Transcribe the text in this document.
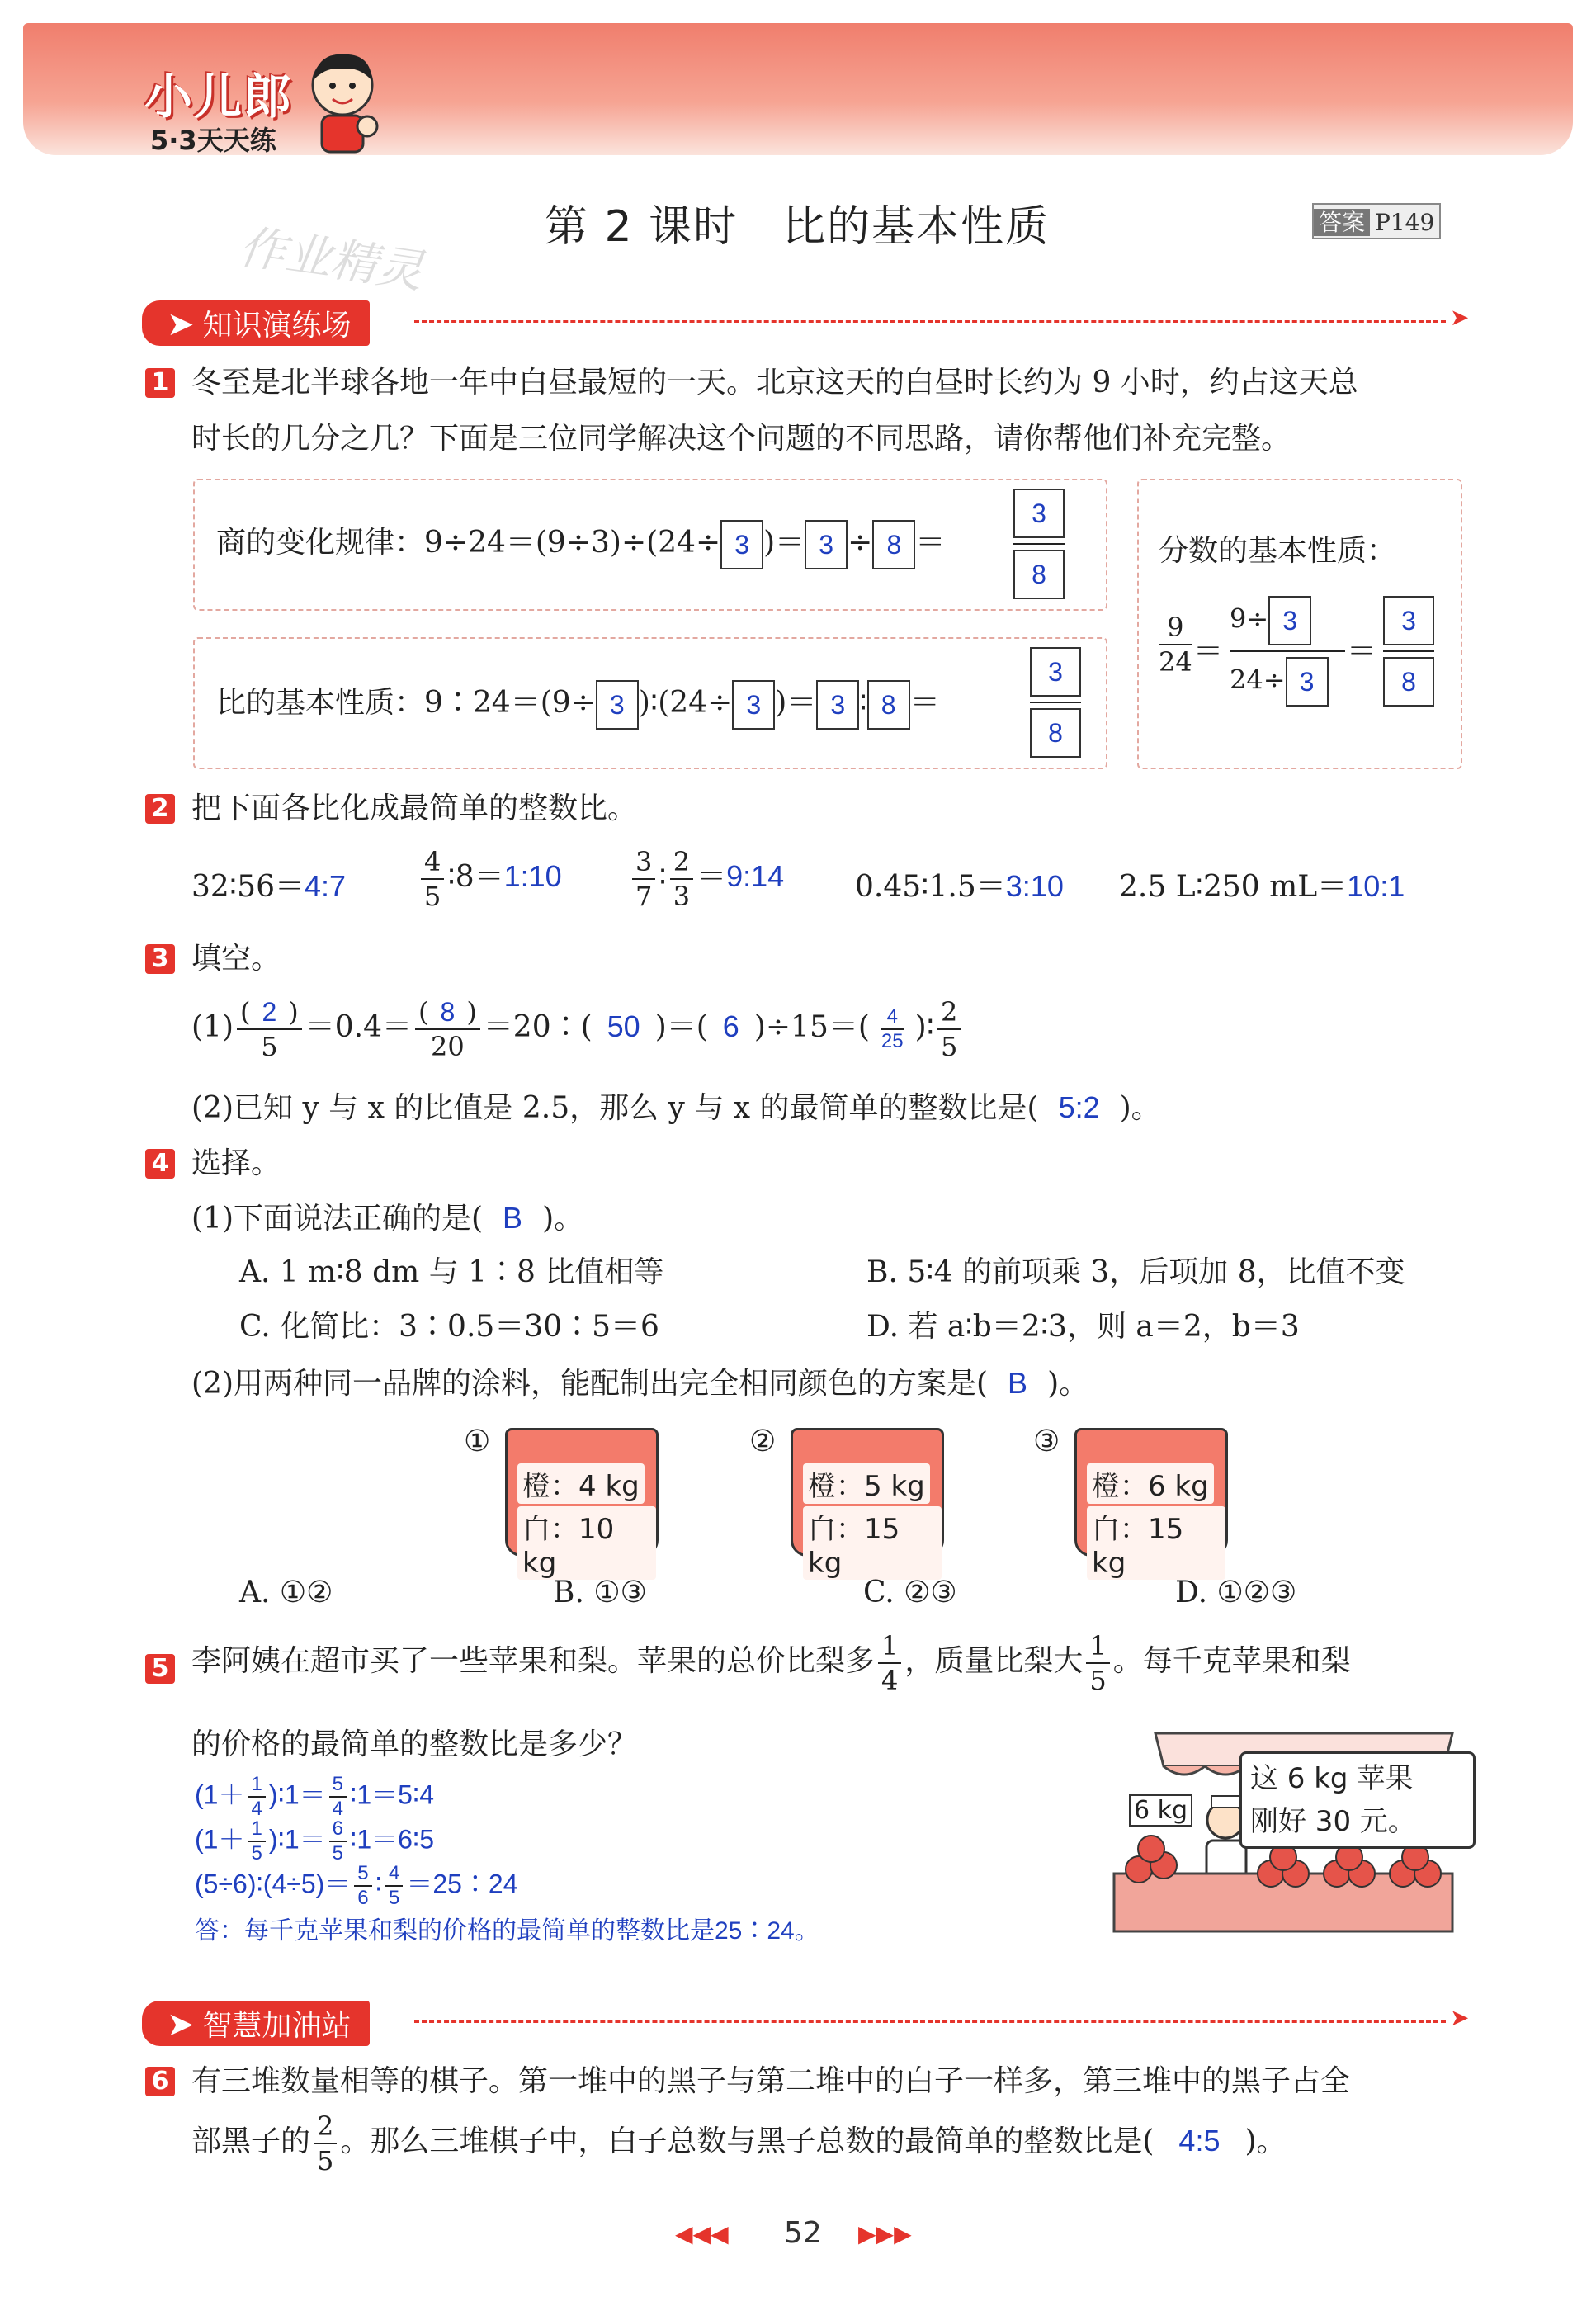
小儿郎
5·3天天练
作业精灵	第 2 课时　比的基本性质	答案 P149
➤ 知识演练场	➤
1 冬至是北半球各地一年中白昼最短的一天。北京这天的白昼时长约为 9 小时，约占这天总
时长的几分之几？下面是三位同学解决这个问题的不同思路，请你帮他们补充完整。
商的变化规律：9÷24＝(9÷3)÷(24÷ 3 )＝ 3 ÷ 8 ＝
3
8
比的基本性质：9∶24＝(9÷ 3 )∶(24÷ 3 )＝ 3 ∶ 8 ＝
3
8
分数的基本性质：
$\frac{9}{24}$ ＝
9÷ 3
24÷ 3
＝
3
8
2 把下面各比化成最简单的整数比。
32∶56＝4:7	$\frac{4}{5}$ ∶8＝1:10	$\frac{3}{7}$ ∶ $\frac{2}{3}$ ＝9:14 0.45∶1.5＝3:10 2.5 L∶250 mL＝10:1
3 填空。
$(1) \frac{( 2 )}{5} =0.4= \frac{( 8 )}{20}$ ＝20∶( 50 )＝( 6 )$\div 15=( \frac{4}{25}$ )∶ $\frac{2}{5}$
(2)已知 y 与 x 的比值是 2.5，那么 y 与 x 的最简单的整数比是( 5:2 )。
4 选择。
(1)下面说法正确的是( B )。
A. 1 m∶8 dm 与 1∶8 比值相等	B. 5∶4 的前项乘 3，后项加 8，比值不变
C. 化简比：3∶0.5＝30∶5＝6	D. 若 a∶b＝2∶3，则 a＝2，b＝3
(2)用两种同一品牌的涂料，能配制出完全相同颜色的方案是( B )。
①
橙：4 kg
白：10 kg
②
橙：5 kg
白：15 kg
③
橙：6 kg
白：15 kg
A. ①②	B. ①③	C. ②③	D. ①②③
5 李阿姨在超市买了一些苹果和梨。苹果的总价比梨多 $\frac{1}{4}$ ，质量比梨大 $\frac{1}{5}$ 。每千克苹果和梨
的价格的最简单的整数比是多少？
($1+ \frac{1}{4}$ )∶1＝ $\frac{5}{4}$ ∶1＝5∶4
($1+ \frac{1}{5}$ )∶1＝ $\frac{6}{5}$ ∶1＝6∶5
(5÷6)∶(4÷5)＝ $\frac{5}{6}$ ∶ $\frac{4}{5}$ ＝25∶24
答：每千克苹果和梨的价格的最简单的整数比是25∶24。
6 kg
这 6 kg 苹果
刚好 30 元。
➤ 智慧加油站	➤
6 有三堆数量相等的棋子。第一堆中的黑子与第二堆中的白子一样多，第三堆中的黑子占全
部黑子的 $\frac{2}{5}$ 。那么三堆棋子中，白子总数与黑子总数的最简单的整数比是( 4:5 )。
◀◀◀ 52 ▶▶▶
